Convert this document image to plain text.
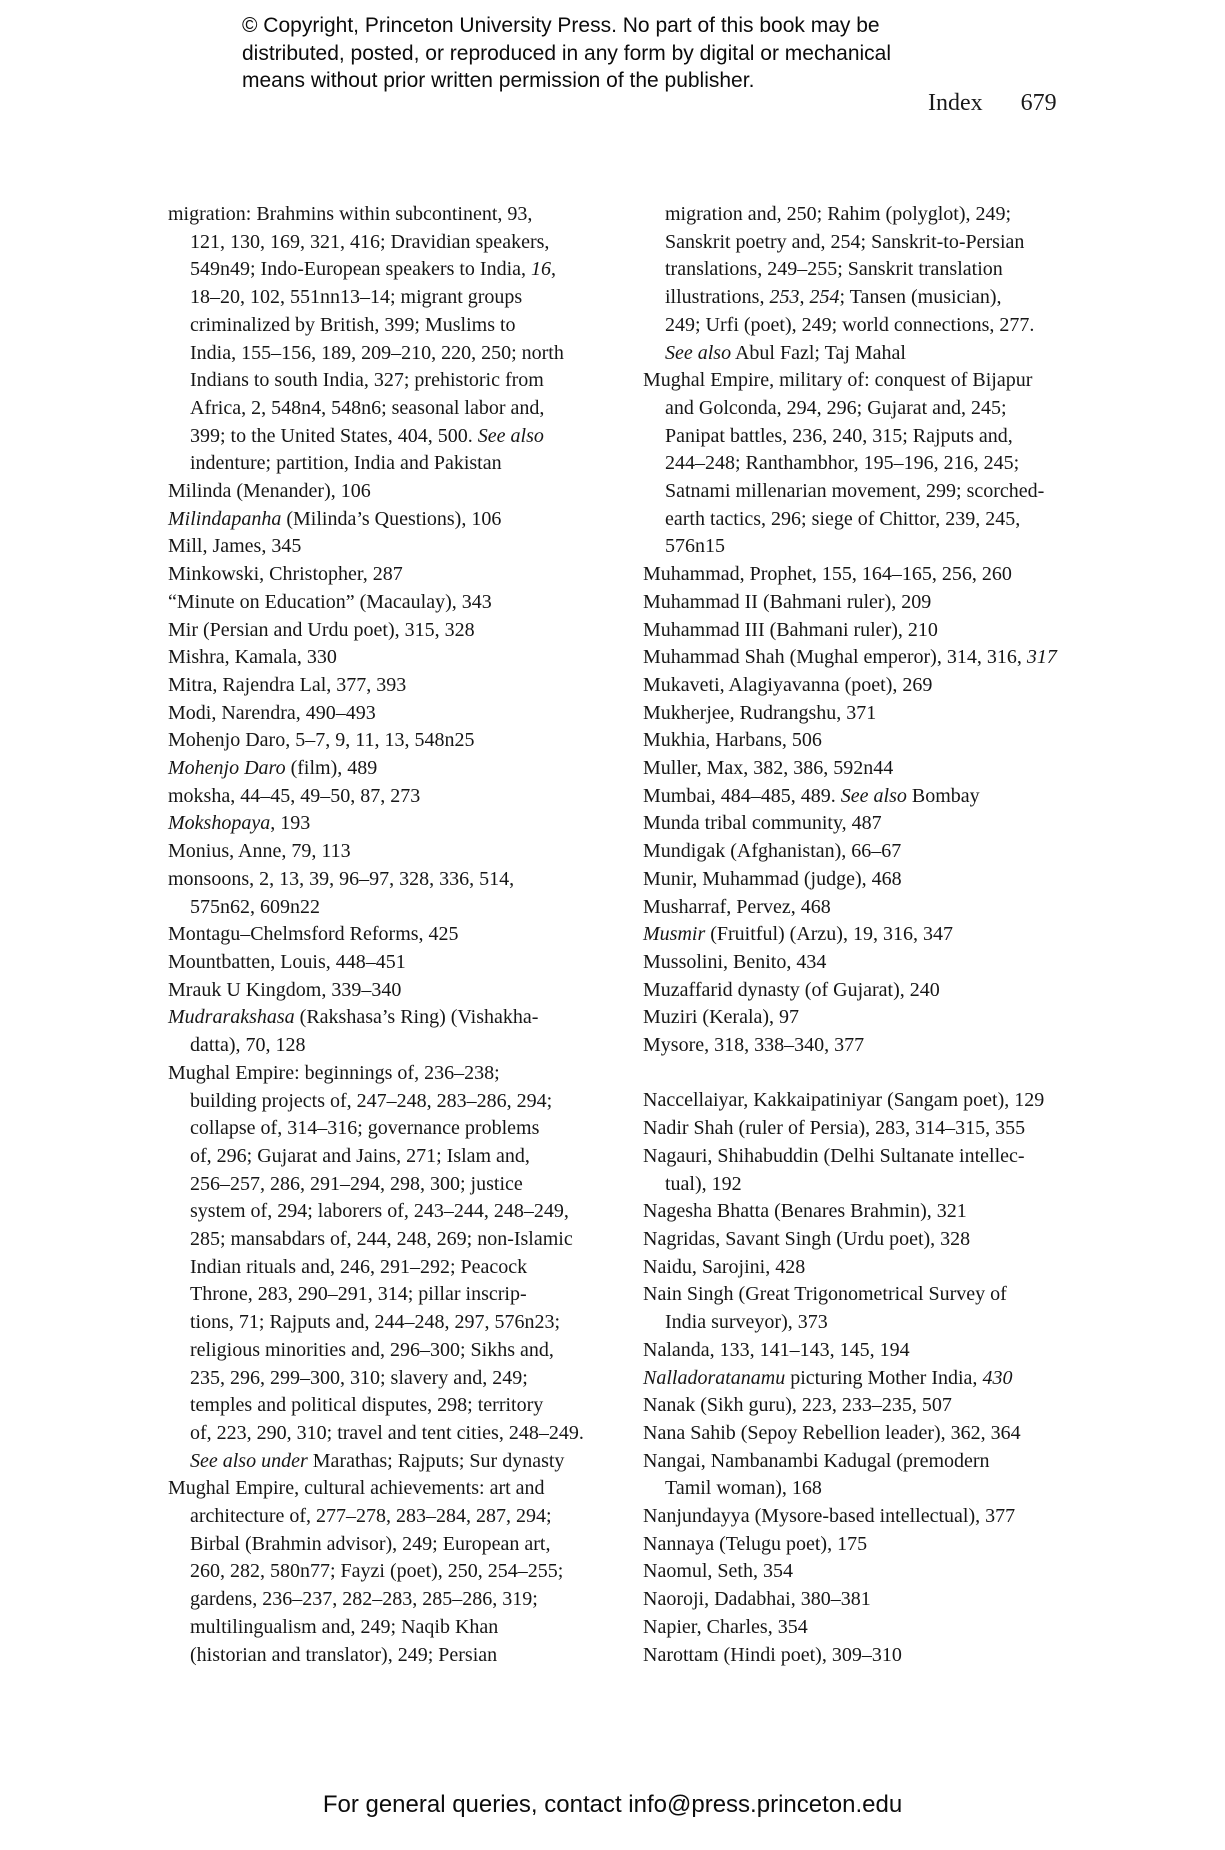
© Copyright, Princeton University Press. No part of this book may be
distributed, posted, or reproduced in any form by digital or mechanical
means without prior written permission of the publisher.
Index 679
migration: Brahmins within subcontinent, 93,
121, 130, 169, 321, 416; Dravidian speakers,
549n49; Indo-European speakers to India, 16,
18–20, 102, 551nn13–14; migrant groups
criminalized by British, 399; Muslims to
India, 155–156, 189, 209–210, 220, 250; north
Indians to south India, 327; prehistoric from
Africa, 2, 548n4, 548n6; seasonal labor and,
399; to the United States, 404, 500. See also
indenture; partition, India and Pakistan
Milinda (Menander), 106
Milindapanha (Milinda’s Questions), 106
Mill, James, 345
Minkowski, Christopher, 287
“Minute on Education” (Macaulay), 343
Mir (Persian and Urdu poet), 315, 328
Mishra, Kamala, 330
Mitra, Rajendra Lal, 377, 393
Modi, Narendra, 490–493
Mohenjo Daro, 5–7, 9, 11, 13, 548n25
Mohenjo Daro (film), 489
moksha, 44–45, 49–50, 87, 273
Mokshopaya, 193
Monius, Anne, 79, 113
monsoons, 2, 13, 39, 96–97, 328, 336, 514,
575n62, 609n22
Montagu–Chelmsford Reforms, 425
Mountbatten, Louis, 448–451
Mrauk U Kingdom, 339–340
Mudrarakshasa (Rakshasa’s Ring) (Vishakha-
datta), 70, 128
Mughal Empire: beginnings of, 236–238;
building projects of, 247–248, 283–286, 294;
collapse of, 314–316; governance problems
of, 296; Gujarat and Jains, 271; Islam and,
256–257, 286, 291–294, 298, 300; justice
system of, 294; laborers of, 243–244, 248–249,
285; mansabdars of, 244, 248, 269; non-Islamic
Indian rituals and, 246, 291–292; Peacock
Throne, 283, 290–291, 314; pillar inscrip-
tions, 71; Rajputs and, 244–248, 297, 576n23;
religious minorities and, 296–300; Sikhs and,
235, 296, 299–300, 310; slavery and, 249;
temples and political disputes, 298; territory
of, 223, 290, 310; travel and tent cities, 248–249.
See also under Marathas; Rajputs; Sur dynasty
Mughal Empire, cultural achievements: art and
architecture of, 277–278, 283–284, 287, 294;
Birbal (Brahmin advisor), 249; European art,
260, 282, 580n77; Fayzi (poet), 250, 254–255;
gardens, 236–237, 282–283, 285–286, 319;
multilingualism and, 249; Naqib Khan
(historian and translator), 249; Persian
migration and, 250; Rahim (polyglot), 249;
Sanskrit poetry and, 254; Sanskrit-to-Persian
translations, 249–255; Sanskrit translation
illustrations, 253, 254; Tansen (musician),
249; Urfi (poet), 249; world connections, 277.
See also Abul Fazl; Taj Mahal
Mughal Empire, military of: conquest of Bijapur
and Golconda, 294, 296; Gujarat and, 245;
Panipat battles, 236, 240, 315; Rajputs and,
244–248; Ranthambhor, 195–196, 216, 245;
Satnami millenarian movement, 299; scorched-
earth tactics, 296; siege of Chittor, 239, 245,
576n15
Muhammad, Prophet, 155, 164–165, 256, 260
Muhammad II (Bahmani ruler), 209
Muhammad III (Bahmani ruler), 210
Muhammad Shah (Mughal emperor), 314, 316, 317
Mukaveti, Alagiyavanna (poet), 269
Mukherjee, Rudrangshu, 371
Mukhia, Harbans, 506
Muller, Max, 382, 386, 592n44
Mumbai, 484–485, 489. See also Bombay
Munda tribal community, 487
Mundigak (Afghanistan), 66–67
Munir, Muhammad (judge), 468
Musharraf, Pervez, 468
Musmir (Fruitful) (Arzu), 19, 316, 347
Mussolini, Benito, 434
Muzaffarid dynasty (of Gujarat), 240
Muziri (Kerala), 97
Mysore, 318, 338–340, 377
Naccellaiyar, Kakkaipatiniyar (Sangam poet), 129
Nadir Shah (ruler of Persia), 283, 314–315, 355
Nagauri, Shihabuddin (Delhi Sultanate intellec-
tual), 192
Nagesha Bhatta (Benares Brahmin), 321
Nagridas, Savant Singh (Urdu poet), 328
Naidu, Sarojini, 428
Nain Singh (Great Trigonometrical Survey of
India surveyor), 373
Nalanda, 133, 141–143, 145, 194
Nalladoratanamu picturing Mother India, 430
Nanak (Sikh guru), 223, 233–235, 507
Nana Sahib (Sepoy Rebellion leader), 362, 364
Nangai, Nambanambi Kadugal (premodern
Tamil woman), 168
Nanjundayya (Mysore-based intellectual), 377
Nannaya (Telugu poet), 175
Naomul, Seth, 354
Naoroji, Dadabhai, 380–381
Napier, Charles, 354
Narottam (Hindi poet), 309–310
For general queries, contact info@press.princeton.edu
